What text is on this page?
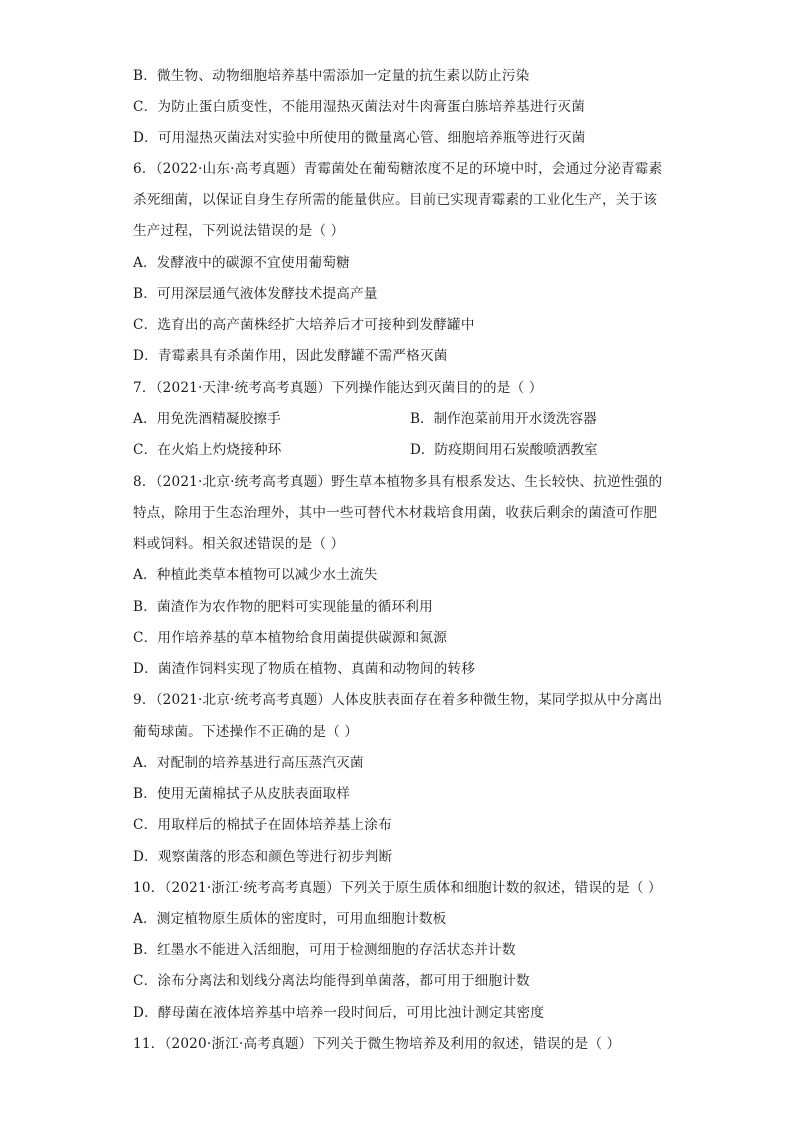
B．微生物、动物细胞培养基中需添加一定量的抗生素以防止污染
C．为防止蛋白质变性，不能用湿热灭菌法对牛肉膏蛋白胨培养基进行灭菌
D．可用湿热灭菌法对实验中所使用的微量离心管、细胞培养瓶等进行灭菌
6．（2022·山东·高考真题）青霉菌处在葡萄糖浓度不足的环境中时，会通过分泌青霉素
杀死细菌，以保证自身生存所需的能量供应。目前已实现青霉素的工业化生产，关于该
生产过程，下列说法错误的是（ ）
A．发酵液中的碳源不宜使用葡萄糖
B．可用深层通气液体发酵技术提高产量
C．选育出的高产菌株经扩大培养后才可接种到发酵罐中
D．青霉素具有杀菌作用，因此发酵罐不需严格灭菌
7．（2021·天津·统考高考真题）下列操作能达到灭菌目的的是（ ）
A．用免洗酒精凝胶擦手	B．制作泡菜前用开水烫洗容器
C．在火焰上灼烧接种环	D．防疫期间用石炭酸喷洒教室
8．（2021·北京·统考高考真题）野生草本植物多具有根系发达、生长较快、抗逆性强的
特点，除用于生态治理外，其中一些可替代木材栽培食用菌，收获后剩余的菌渣可作肥
料或饲料。相关叙述错误的是（ ）
A．种植此类草本植物可以减少水土流失
B．菌渣作为农作物的肥料可实现能量的循环利用
C．用作培养基的草本植物给食用菌提供碳源和氮源
D．菌渣作饲料实现了物质在植物、真菌和动物间的转移
9．（2021·北京·统考高考真题）人体皮肤表面存在着多种微生物，某同学拟从中分离出
葡萄球菌。下述操作不正确的是（ ）
A．对配制的培养基进行高压蒸汽灭菌
B．使用无菌棉拭子从皮肤表面取样
C．用取样后的棉拭子在固体培养基上涂布
D．观察菌落的形态和颜色等进行初步判断
10．（2021·浙江·统考高考真题）下列关于原生质体和细胞计数的叙述，错误的是（ ）
A．测定植物原生质体的密度时，可用血细胞计数板
B．红墨水不能进入活细胞，可用于检测细胞的存活状态并计数
C．涂布分离法和划线分离法均能得到单菌落，都可用于细胞计数
D．酵母菌在液体培养基中培养一段时间后，可用比浊计测定其密度
11．（2020·浙江·高考真题）下列关于微生物培养及利用的叙述，错误的是（ ）
